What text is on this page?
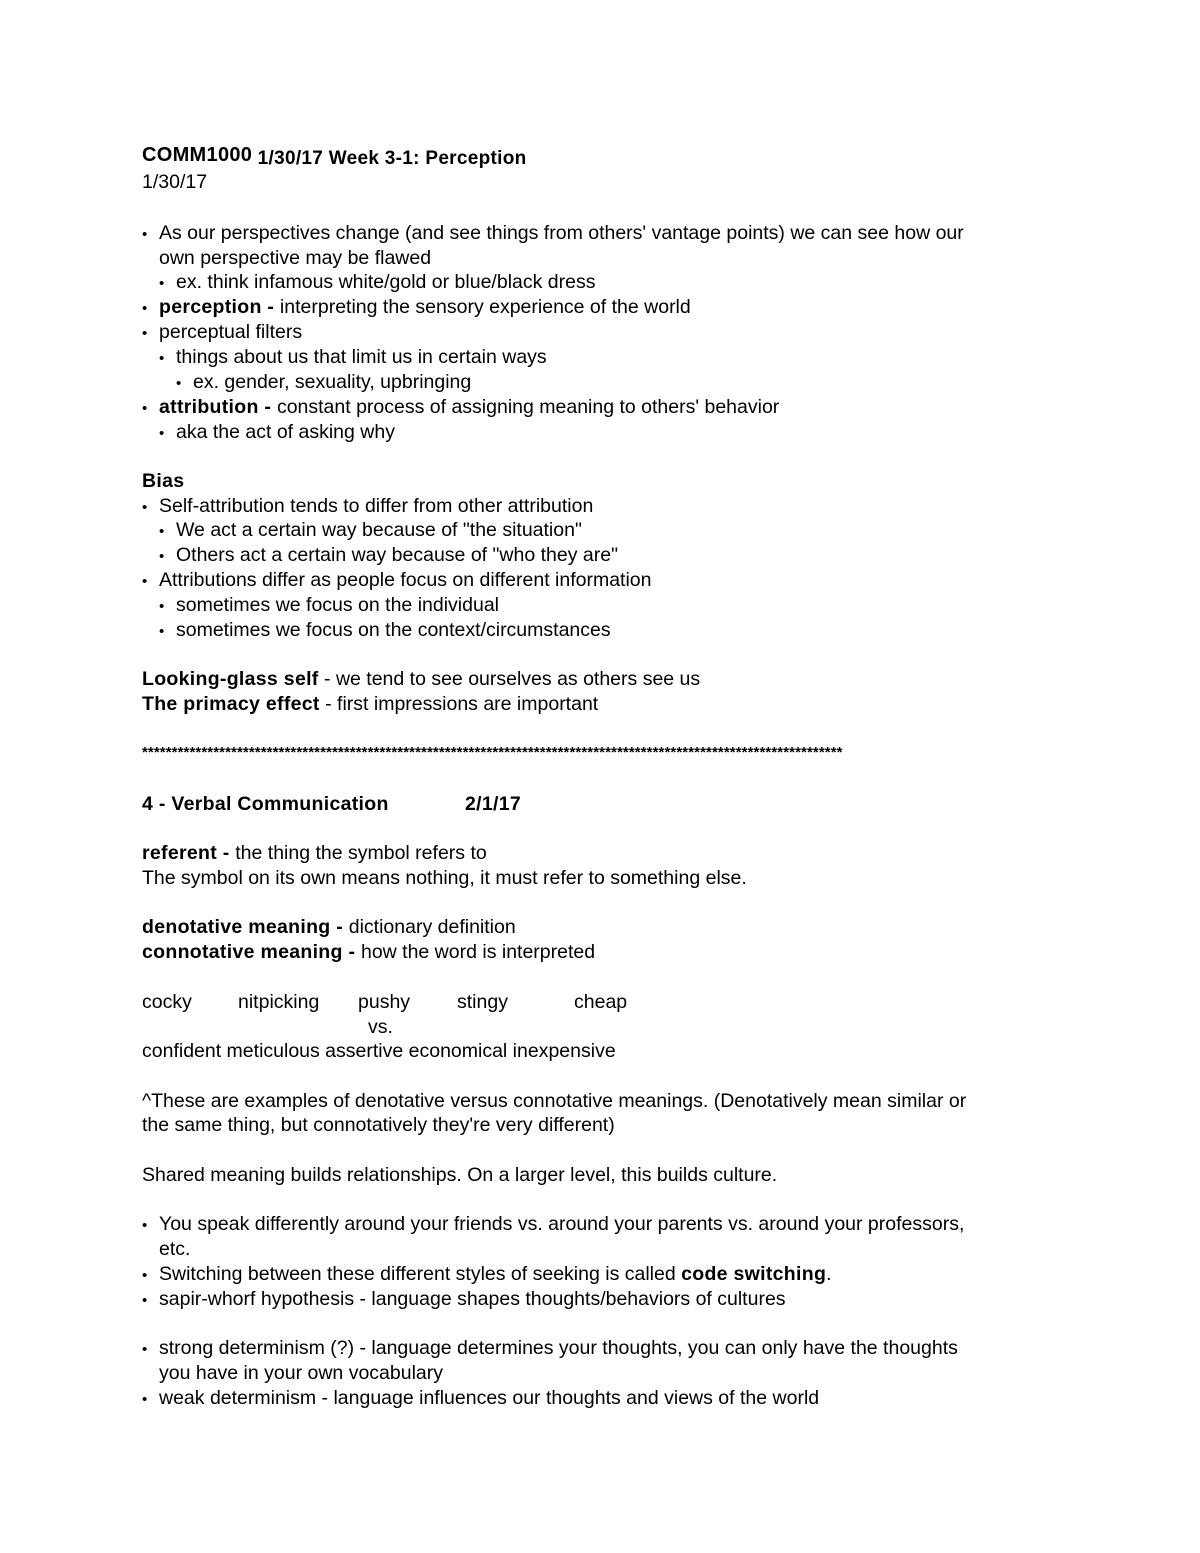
COMM1000 1/30/17 Week 3-1: Perception
1/30/17
• As our perspectives change (and see things from others' vantage points) we can see how our
own perspective may be flawed
• ex. think infamous white/gold or blue/black dress
• perception - interpreting the sensory experience of the world
• perceptual filters
• things about us that limit us in certain ways
• ex. gender, sexuality, upbringing
• attribution - constant process of assigning meaning to others' behavior
• aka the act of asking why
Bias
• Self-attribution tends to differ from other attribution
• We act a certain way because of "the situation"
• Others act a certain way because of "who they are"
• Attributions differ as people focus on different information
• sometimes we focus on the individual
• sometimes we focus on the context/circumstances
Looking-glass self - we tend to see ourselves as others see us
The primacy effect - first impressions are important
**********************************************************************************************************************
4 - Verbal Communication	2/1/17
referent - the thing the symbol refers to
The symbol on its own means nothing, it must refer to something else.
denotative meaning - dictionary definition
connotative meaning - how the word is interpreted
cocky nitpicking pushy stingy	cheap
vs.
confident meticulous assertive economical inexpensive
^These are examples of denotative versus connotative meanings. (Denotatively mean similar or
the same thing, but connotatively they're very different)
Shared meaning builds relationships. On a larger level, this builds culture.
• You speak differently around your friends vs. around your parents vs. around your professors,
etc.
• Switching between these different styles of seeking is called code switching.
• sapir-whorf hypothesis - language shapes thoughts/behaviors of cultures
• strong determinism (?) - language determines your thoughts, you can only have the thoughts
you have in your own vocabulary
• weak determinism - language influences our thoughts and views of the world
